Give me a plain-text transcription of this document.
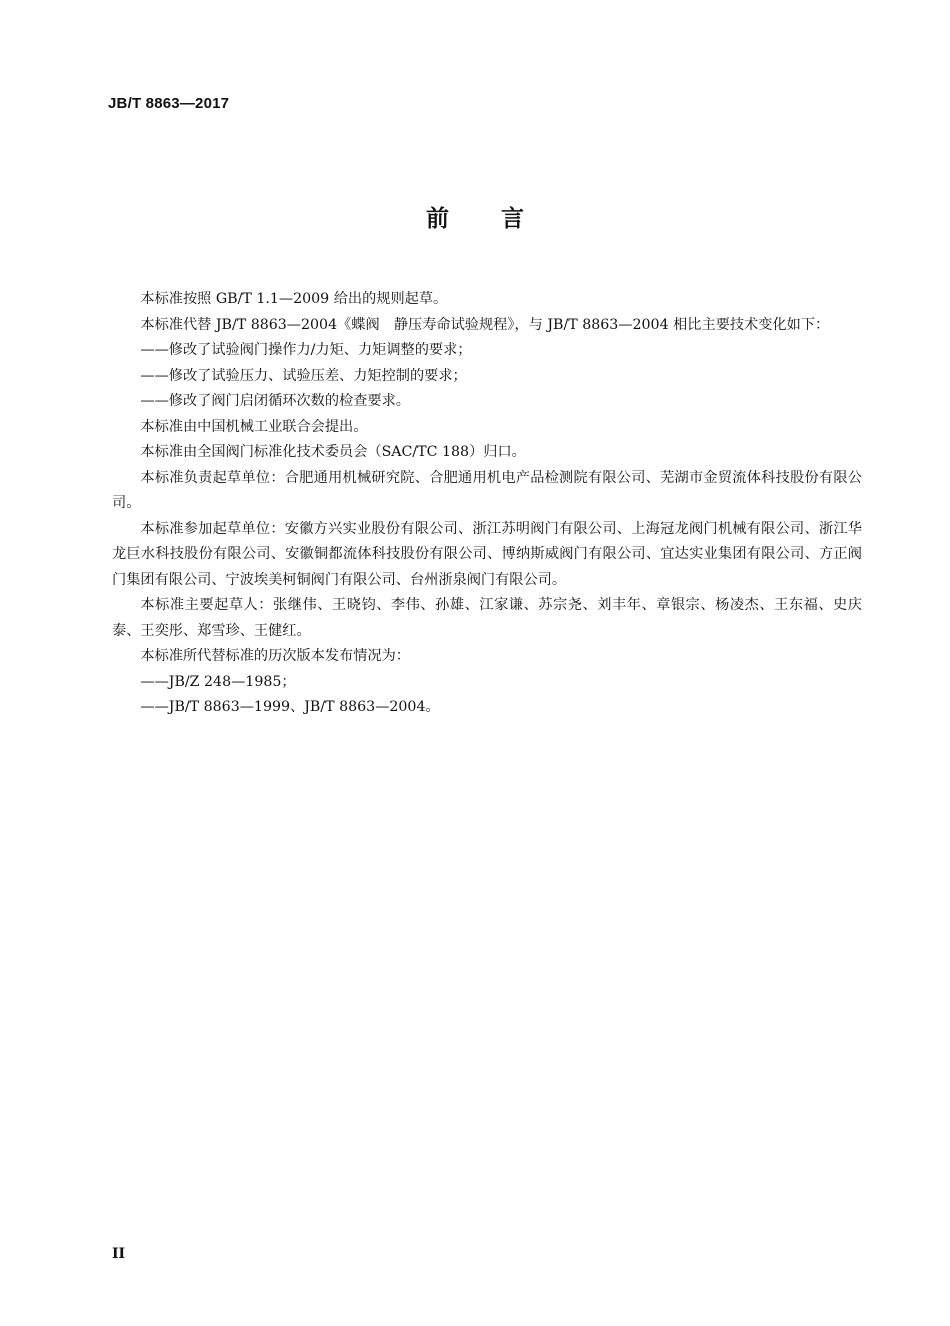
JB/T 8863—2017
前言

本标准按照 GB/T 1.1—2009 给出的规则起草。

本标准代替 JB/T 8863—2004《蝶阀　静压寿命试验规程》，与 JB/T 8863—2004 相比主要技术变化如下：

——修改了试验阀门操作力/力矩、力矩调整的要求；

——修改了试验压力、试验压差、力矩控制的要求；

——修改了阀门启闭循环次数的检查要求。

本标准由中国机械工业联合会提出。

本标准由全国阀门标准化技术委员会（SAC/TC 188）归口。

本标准负责起草单位：合肥通用机械研究院、合肥通用机电产品检测院有限公司、芜湖市金贸流体科技股份有限公司。

本标准参加起草单位：安徽方兴实业股份有限公司、浙江苏明阀门有限公司、上海冠龙阀门机械有限公司、浙江华龙巨水科技股份有限公司、安徽铜都流体科技股份有限公司、博纳斯威阀门有限公司、宜达实业集团有限公司、方正阀门集团有限公司、宁波埃美柯铜阀门有限公司、台州浙泉阀门有限公司。

本标准主要起草人：张继伟、王晓钧、李伟、孙雄、江家谦、苏宗尧、刘丰年、章银宗、杨凌杰、王东福、史庆泰、王奕彤、郑雪珍、王健红。

本标准所代替标准的历次版本发布情况为：

——JB/Z 248—1985；

——JB/T 8863—1999、JB/T 8863—2004。

II
